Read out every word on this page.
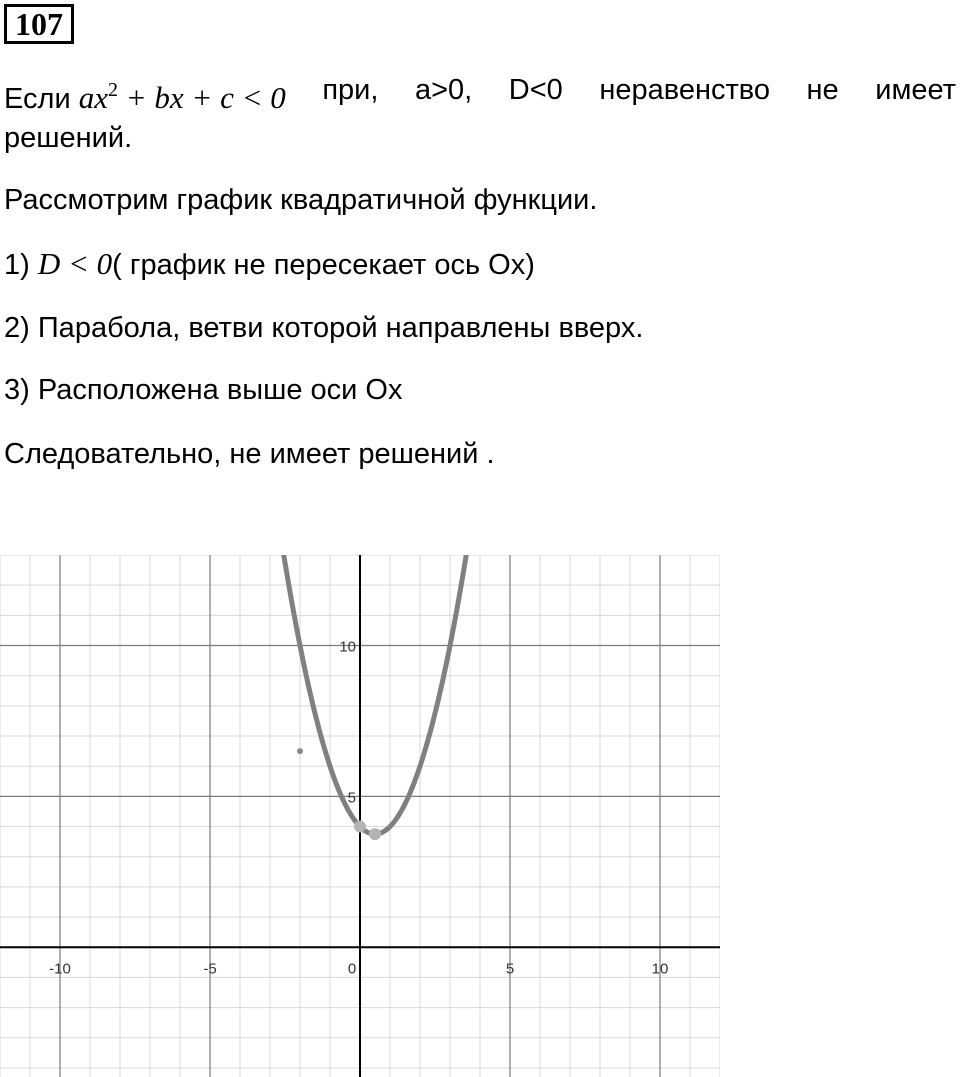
107
Если $ax^2$ + bx + c < 0 при, a>0, D<0 неравенство не имеет
решений.
Рассмотрим график квадратичной функции.
1) D < 0( график не пересекает ось Ox)
2) Парабола, ветви которой направлены вверх.
3) Расположена выше оси Ox
Следовательно, не имеет решений .
-10	-5	0	5	10
5
10
